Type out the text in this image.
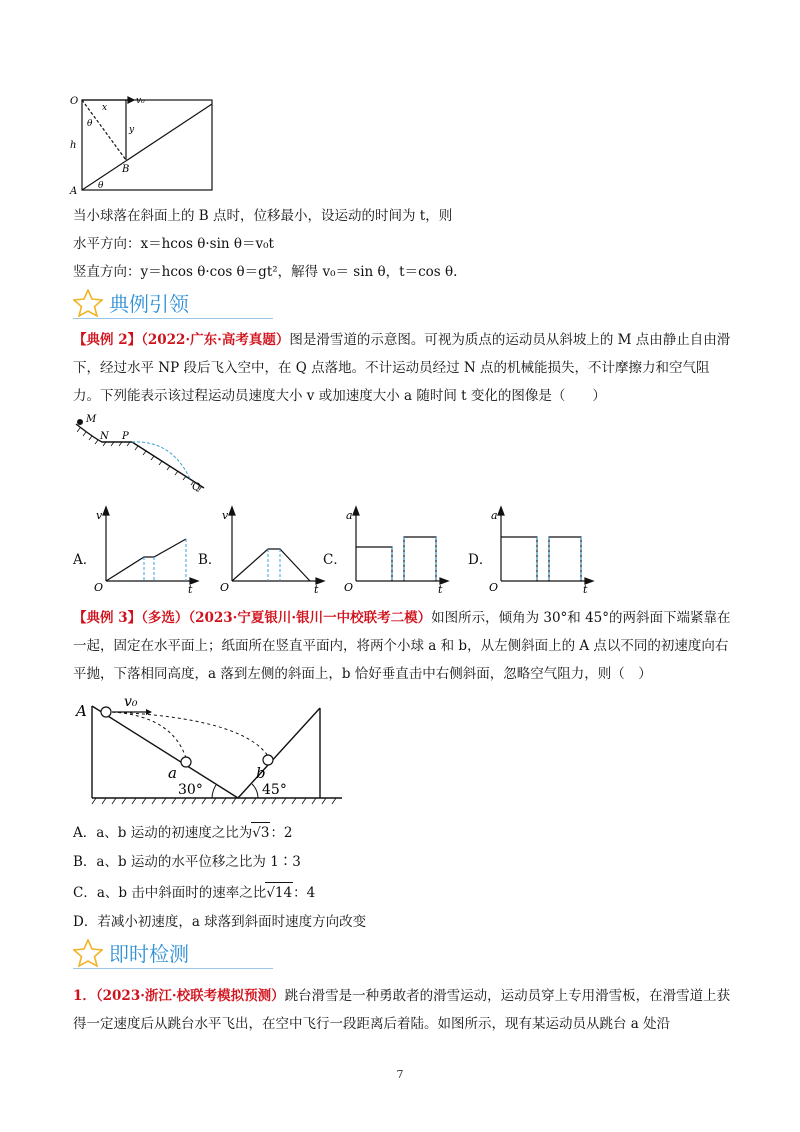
O
h
A
B
x
y
θ
θ
v₀
当小球落在斜面上的 B 点时，位移最小，设运动的时间为 t，则
水平方向：x＝hcos θ·sin θ＝v₀t
竖直方向：y＝hcos θ·cos θ＝gt²，解得 v₀＝ sin θ，t＝cos θ.
典例引领
【典例 2】（2022·广东·高考真题）图是滑雪道的示意图。可视为质点的运动员从斜坡上的 M 点由静止自由滑下，经过水平 NP 段后飞入空中，在 Q 点落地。不计运动员经过 N 点的机械能损失，不计摩擦力和空气阻力。下列能表示该过程运动员速度大小 v 或加速度大小 a 随时间 t 变化的图像是（　　）
M
N P
Q
A．
v
O	t
B．
v
O	t
C．
a
O	t
D．
a
O	t
【典例 3】（多选）（2023·宁夏银川·银川一中校联考二模）如图所示，倾角为 30°和 45°的两斜面下端紧靠在一起，固定在水平面上；纸面所在竖直平面内，将两个小球 a 和 b，从左侧斜面上的 A 点以不同的初速度向右平抛，下落相同高度，a 落到左侧的斜面上，b 恰好垂直击中右侧斜面，忽略空气阻力，则（　）
A	v₀
a	b
30°	45°
A．a、b 运动的初速度之比为√3：2
B．a、b 运动的水平位移之比为 1∶3
C．a、b 击中斜面时的速率之比√14：4
D．若减小初速度，a 球落到斜面时速度方向改变
即时检测
1．（2023·浙江·校联考模拟预测）跳台滑雪是一种勇敢者的滑雪运动，运动员穿上专用滑雪板，在滑雪道上获得一定速度后从跳台水平飞出，在空中飞行一段距离后着陆。如图所示，现有某运动员从跳台 a 处沿
7
